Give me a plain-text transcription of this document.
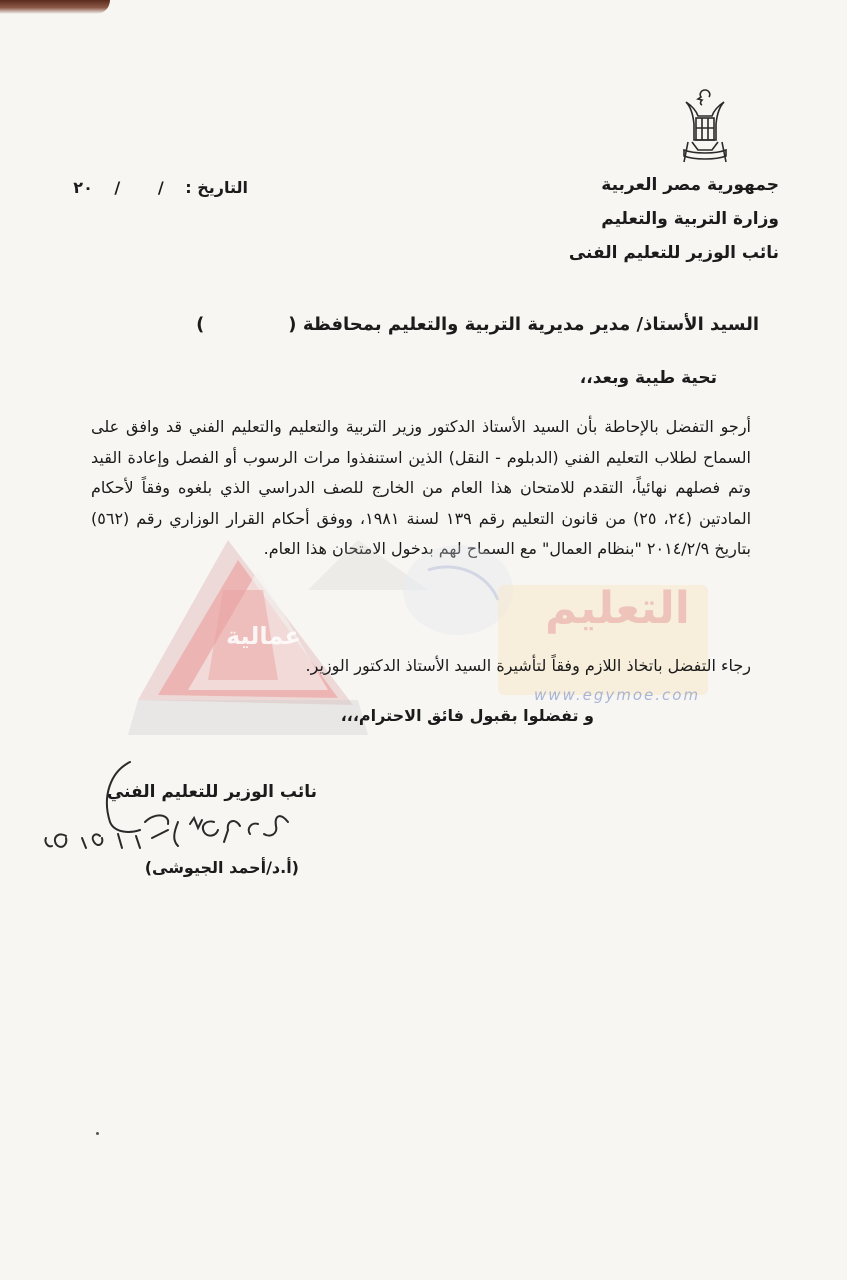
جمهورية مصر العربية
وزارة التربية والتعليم
نائب الوزير للتعليم الفنى
التاريخ : / / ٢٠
السيد الأستاذ/ مدير مديرية التربية والتعليم بمحافظة ()
تحية طيبة وبعد،،

أرجو التفضل بالإحاطة بأن السيد الأستاذ الدكتور وزير التربية والتعليم والتعليم الفني قد وافق على السماح لطلاب التعليم الفني (الدبلوم - النقل) الذين استنفذوا مرات الرسوب أو الفصل وإعادة القيد وتم فصلهم نهائياً، التقدم للامتحان هذا العام من الخارج للصف الدراسي الذي بلغوه وفقاً لأحكام المادتين (٢٤، ٢٥) من قانون التعليم رقم ١٣٩ لسنة ١٩٨١، ووفق أحكام القرار الوزاري رقم (٥٦٢) بتاريخ ٢٠١٤/٢/٩ "بنظام العمال" مع السماح لهم بدخول الامتحان هذا العام.

عمالية
التعليم
www.egymoe.com
رجاء التفضل باتخاذ اللازم وفقاً لتأشيرة السيد الأستاذ الدكتور الوزير.
و تفضلوا بقبول فائق الاحترام،،،
نائب الوزير للتعليم الفني
(أ.د/أحمد الجيوشى)
